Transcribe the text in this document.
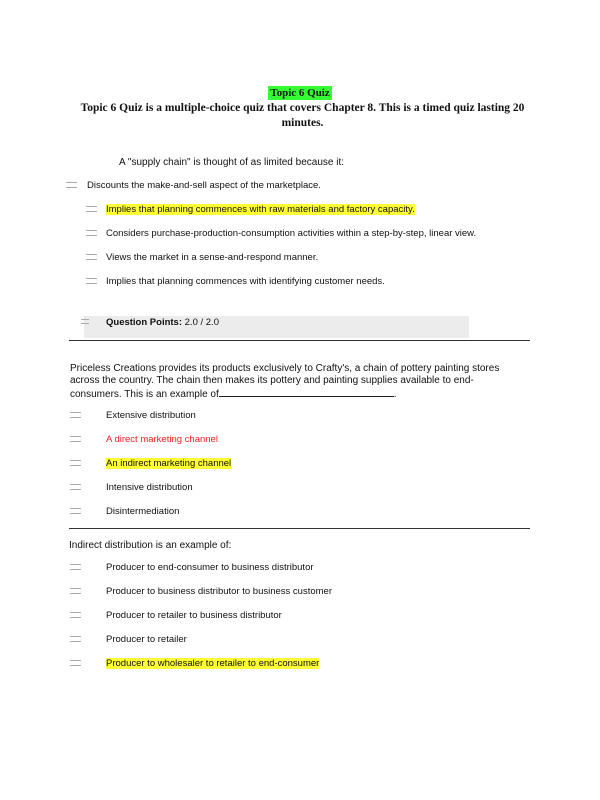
Topic 6 Quiz
Topic 6 Quiz is a multiple-choice quiz that covers Chapter 8. This is a timed quiz lasting 20 minutes.
A "supply chain" is thought of as limited because it:
Discounts the make-and-sell aspect of the marketplace.
Implies that planning commences with raw materials and factory capacity.
Considers purchase-production-consumption activities within a step-by-step, linear view.
Views the market in a sense-and-respond manner.
Implies that planning commences with identifying customer needs.
Question Points: 2.0 / 2.0
Priceless Creations provides its products exclusively to Crafty's, a chain of pottery painting stores across the country. The chain then makes its pottery and painting supplies available to end-consumers. This is an example of	.
Extensive distribution
A direct marketing channel
An indirect marketing channel
Intensive distribution
Disintermediation
Indirect distribution is an example of:
Producer to end-consumer to business distributor
Producer to business distributor to business customer
Producer to retailer to business distributor
Producer to retailer
Producer to wholesaler to retailer to end-consumer
